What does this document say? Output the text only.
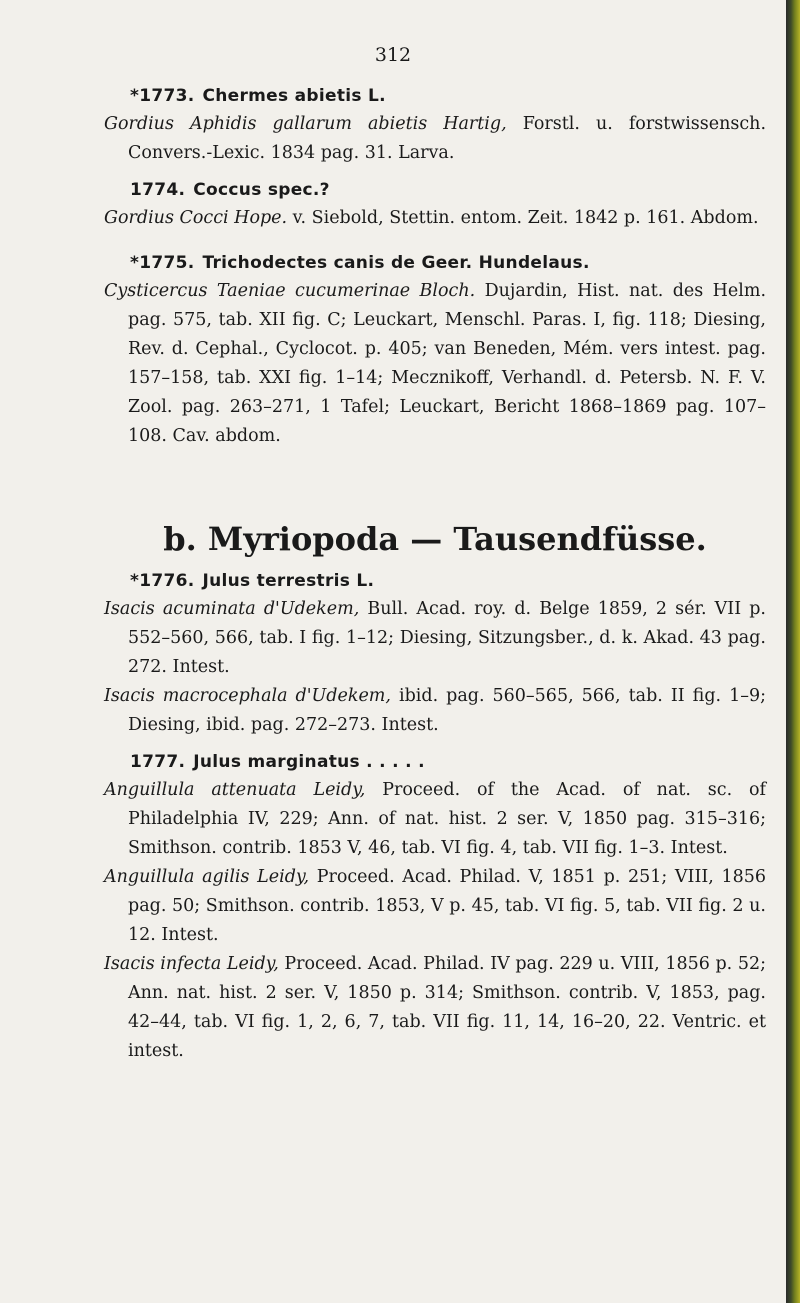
312
*1773. Chermes abietis L.

Gordius Aphidis gallarum abietis Hartig, Forstl. u. forstwissensch. Convers.-Lexic. 1834 pag. 31. Larva.

1774. Coccus spec.?

Gordius Cocci Hope. v. Siebold, Stettin. entom. Zeit. 1842 p. 161. Abdom.

*1775. Trichodectes canis de Geer. Hundelaus.

Cysticercus Taeniae cucumerinae Bloch. Dujardin, Hist. nat. des Helm. pag. 575, tab. XII fig. C; Leuckart, Menschl. Paras. I, fig. 118; Diesing, Rev. d. Cephal., Cyclocot. p. 405; van Beneden, Mém. vers intest. pag. 157–158, tab. XXI fig. 1–14; Mecznikoff, Verhandl. d. Petersb. N. F. V. Zool. pag. 263–271, 1 Tafel; Leuckart, Bericht 1868–1869 pag. 107–108. Cav. abdom.

b. Myriopoda — Tausendfüsse.

*1776. Julus terrestris L.

Isacis acuminata d'Udekem, Bull. Acad. roy. d. Belge 1859, 2 sér. VII p. 552–560, 566, tab. I fig. 1–12; Diesing, Sitzungsber., d. k. Akad. 43 pag. 272. Intest.

Isacis macrocephala d'Udekem, ibid. pag. 560–565, 566, tab. II fig. 1–9; Diesing, ibid. pag. 272–273. Intest.

1777. Julus marginatus . . . . .

Anguillula attenuata Leidy, Proceed. of the Acad. of nat. sc. of Philadelphia IV, 229; Ann. of nat. hist. 2 ser. V, 1850 pag. 315–316; Smithson. contrib. 1853 V, 46, tab. VI fig. 4, tab. VII fig. 1–3. Intest.

Anguillula agilis Leidy, Proceed. Acad. Philad. V, 1851 p. 251; VIII, 1856 pag. 50; Smithson. contrib. 1853, V p. 45, tab. VI fig. 5, tab. VII fig. 2 u. 12. Intest.

Isacis infecta Leidy, Proceed. Acad. Philad. IV pag. 229 u. VIII, 1856 p. 52; Ann. nat. hist. 2 ser. V, 1850 p. 314; Smithson. contrib. V, 1853, pag. 42–44, tab. VI fig. 1, 2, 6, 7, tab. VII fig. 11, 14, 16–20, 22. Ventric. et intest.
